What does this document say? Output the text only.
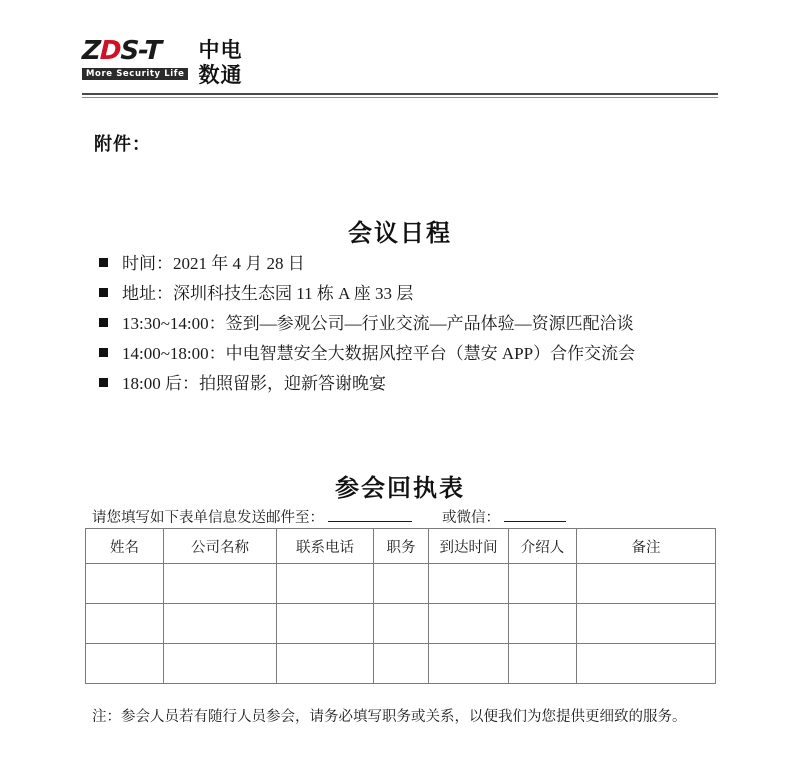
ZDS-T
More Security Life
中电
数通
附件：
会议日程
时间：2021 年 4 月 28 日
地址：深圳科技生态园 11 栋 A 座 33 层
13:30~14:00：签到—参观公司—行业交流—产品体验—资源匹配洽谈
14:00~18:00：中电智慧安全大数据风控平台（慧安 APP）合作交流会
18:00 后：拍照留影，迎新答谢晚宴
参会回执表
请您填写如下表单信息发送邮件至：	或微信：
姓名	公司名称	联系电话	职务	到达时间	介绍人	备注

注：参会人员若有随行人员参会，请务必填写职务或关系，以便我们为您提供更细致的服务。
